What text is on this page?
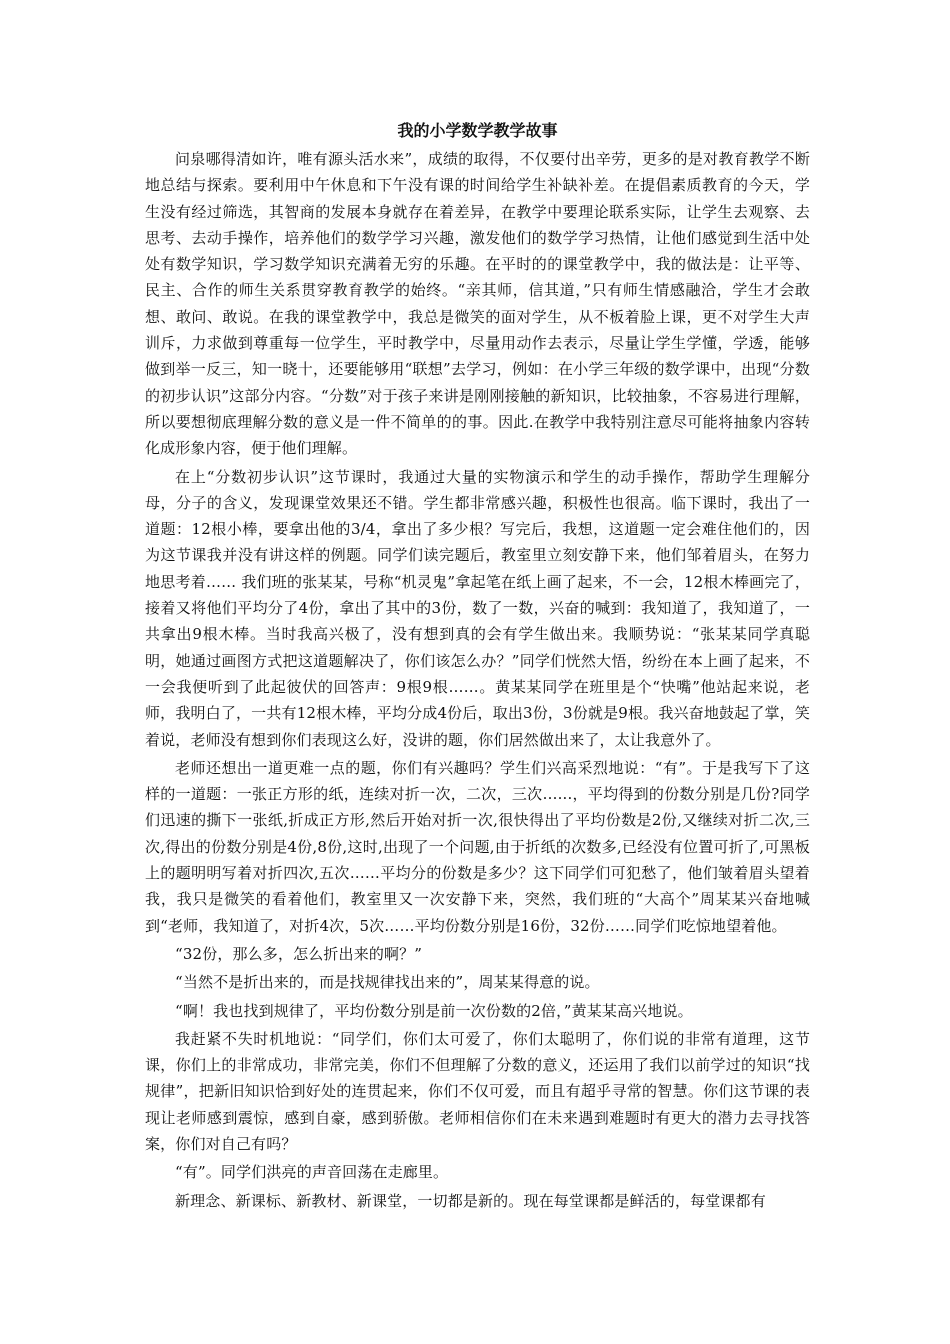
我的小学数学教学故事

问泉哪得清如许，唯有源头活水来”，成绩的取得，不仅要付出辛劳，更多的是对教育教学不断地总结与探索。要利用中午休息和下午没有课的时间给学生补缺补差。在提倡素质教育的今天，学生没有经过筛选，其智商的发展本身就存在着差异，在教学中要理论联系实际，让学生去观察、去思考、去动手操作，培养他们的数学学习兴趣，激发他们的数学学习热情，让他们感觉到生活中处处有数学知识，学习数学知识充满着无穷的乐趣。在平时的的课堂教学中，我的做法是：让平等、民主、合作的师生关系贯穿教育教学的始终。“亲其师，信其道，”只有师生情感融洽，学生才会敢想、敢问、敢说。在我的课堂教学中，我总是微笑的面对学生，从不板着脸上课，更不对学生大声训斥，力求做到尊重每一位学生，平时教学中，尽量用动作去表示，尽量让学生学懂，学透，能够做到举一反三，知一晓十，还要能够用“联想”去学习，例如：在小学三年级的数学课中，出现“分数的初步认识”这部分内容。“分数”对于孩子来讲是刚刚接触的新知识，比较抽象，不容易进行理解，所以要想彻底理解分数的意义是一件不简单的的事。因此.在教学中我特别注意尽可能将抽象内容转化成形象内容，便于他们理解。

在上“分数初步认识”这节课时，我通过大量的实物演示和学生的动手操作，帮助学生理解分母，分子的含义，发现课堂效果还不错。学生都非常感兴趣，积极性也很高。临下课时，我出了一道题：12根小棒，要拿出他的3/4，拿出了多少根？写完后，我想，这道题一定会难住他们的，因为这节课我并没有讲这样的例题。同学们读完题后，教室里立刻安静下来，他们邹着眉头，在努力地思考着…… 我们班的张某某，号称“机灵鬼”拿起笔在纸上画了起来，不一会，12根木棒画完了，接着又将他们平均分了4份，拿出了其中的3份，数了一数，兴奋的喊到：我知道了，我知道了，一共拿出9根木棒。当时我高兴极了，没有想到真的会有学生做出来。我顺势说：“张某某同学真聪明，她通过画图方式把这道题解决了，你们该怎么办？”同学们恍然大悟，纷纷在本上画了起来，不一会我便听到了此起彼伏的回答声：9根9根……。黄某某同学在班里是个“快嘴”他站起来说，老师，我明白了，一共有12根木棒，平均分成4份后，取出3份，3份就是9根。我兴奋地鼓起了掌，笑着说，老师没有想到你们表现这么好，没讲的题，你们居然做出来了，太让我意外了。

老师还想出一道更难一点的题，你们有兴趣吗？学生们兴高采烈地说：“有”。于是我写下了这样的一道题：一张正方形的纸，连续对折一次，二次，三次…...，平均得到的份数分别是几份?同学们迅速的撕下一张纸,折成正方形,然后开始对折一次,很快得出了平均份数是2份,又继续对折二次,三次,得出的份数分别是4份,8份,这时,出现了一个问题,由于折纸的次数多,已经没有位置可折了,可黑板上的题明明写着对折四次,五次……平均分的份数是多少？这下同学们可犯愁了，他们皱着眉头望着我，我只是微笑的看着他们，教室里又一次安静下来，突然，我们班的“大高个”周某某兴奋地喊到“老师，我知道了，对折4次，5次……平均份数分别是16份，32份……同学们吃惊地望着他。

“32份，那么多，怎么折出来的啊？”

“当然不是折出来的，而是找规律找出来的”，周某某得意的说。

“啊！我也找到规律了，平均份数分别是前一次份数的2倍，”黄某某高兴地说。

我赶紧不失时机地说：“同学们，你们太可爱了，你们太聪明了，你们说的非常有道理，这节课，你们上的非常成功，非常完美，你们不但理解了分数的意义，还运用了我们以前学过的知识“找规律”，把新旧知识恰到好处的连贯起来，你们不仅可爱，而且有超乎寻常的智慧。你们这节课的表现让老师感到震惊，感到自豪，感到骄傲。老师相信你们在未来遇到难题时有更大的潜力去寻找答案，你们对自己有吗？

“有”。同学们洪亮的声音回荡在走廊里。

新理念、新课标、新教材、新课堂，一切都是新的。现在每堂课都是鲜活的，每堂课都有
